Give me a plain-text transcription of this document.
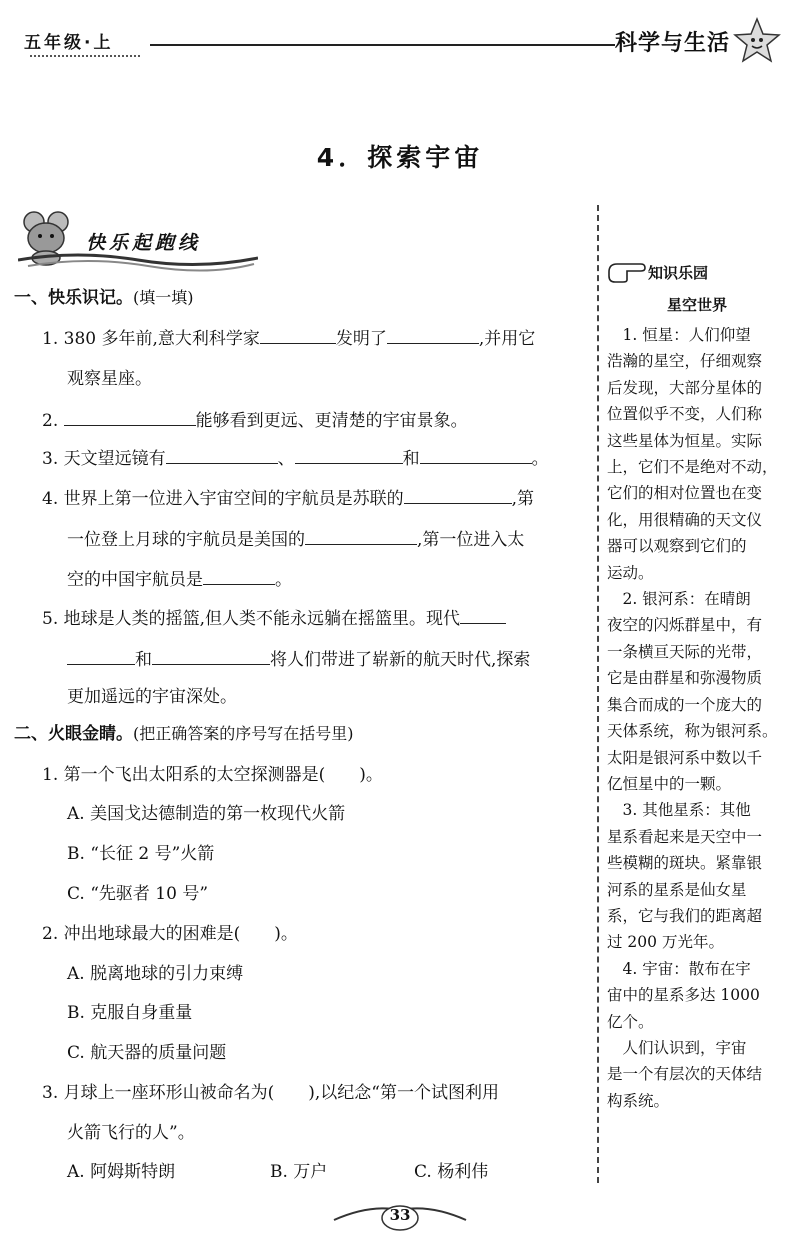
五年级·上	科学与生活
4．探索宇宙
快乐起跑线
一、快乐识记。(填一填)
1. 380 多年前,意大利科学家	发明了	,并用它
观察星座。
2.	能够看到更远、更清楚的宇宙景象。
3. 天文望远镜有	、	和	。
4. 世界上第一位进入宇宙空间的宇航员是苏联的	,第
一位登上月球的宇航员是美国的	,第一位进入太
空的中国宇航员是	。
5. 地球是人类的摇篮,但人类不能永远躺在摇篮里。现代
和	将人们带进了崭新的航天时代,探索
更加遥远的宇宙深处。
二、火眼金睛。(把正确答案的序号写在括号里)
1. 第一个飞出太阳系的太空探测器是(　　)。
A. 美国戈达德制造的第一枚现代火箭
B. “长征 2 号”火箭
C. “先驱者 10 号”
2. 冲出地球最大的困难是(　　)。
A. 脱离地球的引力束缚
B. 克服自身重量
C. 航天器的质量问题
3. 月球上一座环形山被命名为(　　),以纪念“第一个试图利用
火箭飞行的人”。
A. 阿姆斯特朗	B. 万户	C. 杨利伟
知识乐园
星空世界
　1. 恒星：人们仰望
浩瀚的星空，仔细观察
后发现，大部分星体的
位置似乎不变，人们称
这些星体为恒星。实际
上，它们不是绝对不动，
它们的相对位置也在变
化，用很精确的天文仪
器可以观察到它们的
运动。
　2. 银河系：在晴朗
夜空的闪烁群星中，有
一条横亘天际的光带，
它是由群星和弥漫物质
集合而成的一个庞大的
天体系统，称为银河系。
太阳是银河系中数以千
亿恒星中的一颗。
　3. 其他星系：其他
星系看起来是天空中一
些模糊的斑块。紧靠银
河系的星系是仙女星
系，它与我们的距离超
过 200 万光年。
　4. 宇宙：散布在宇
宙中的星系多达 1000
亿个。
　人们认识到，宇宙
是一个有层次的天体结
构系统。
33
